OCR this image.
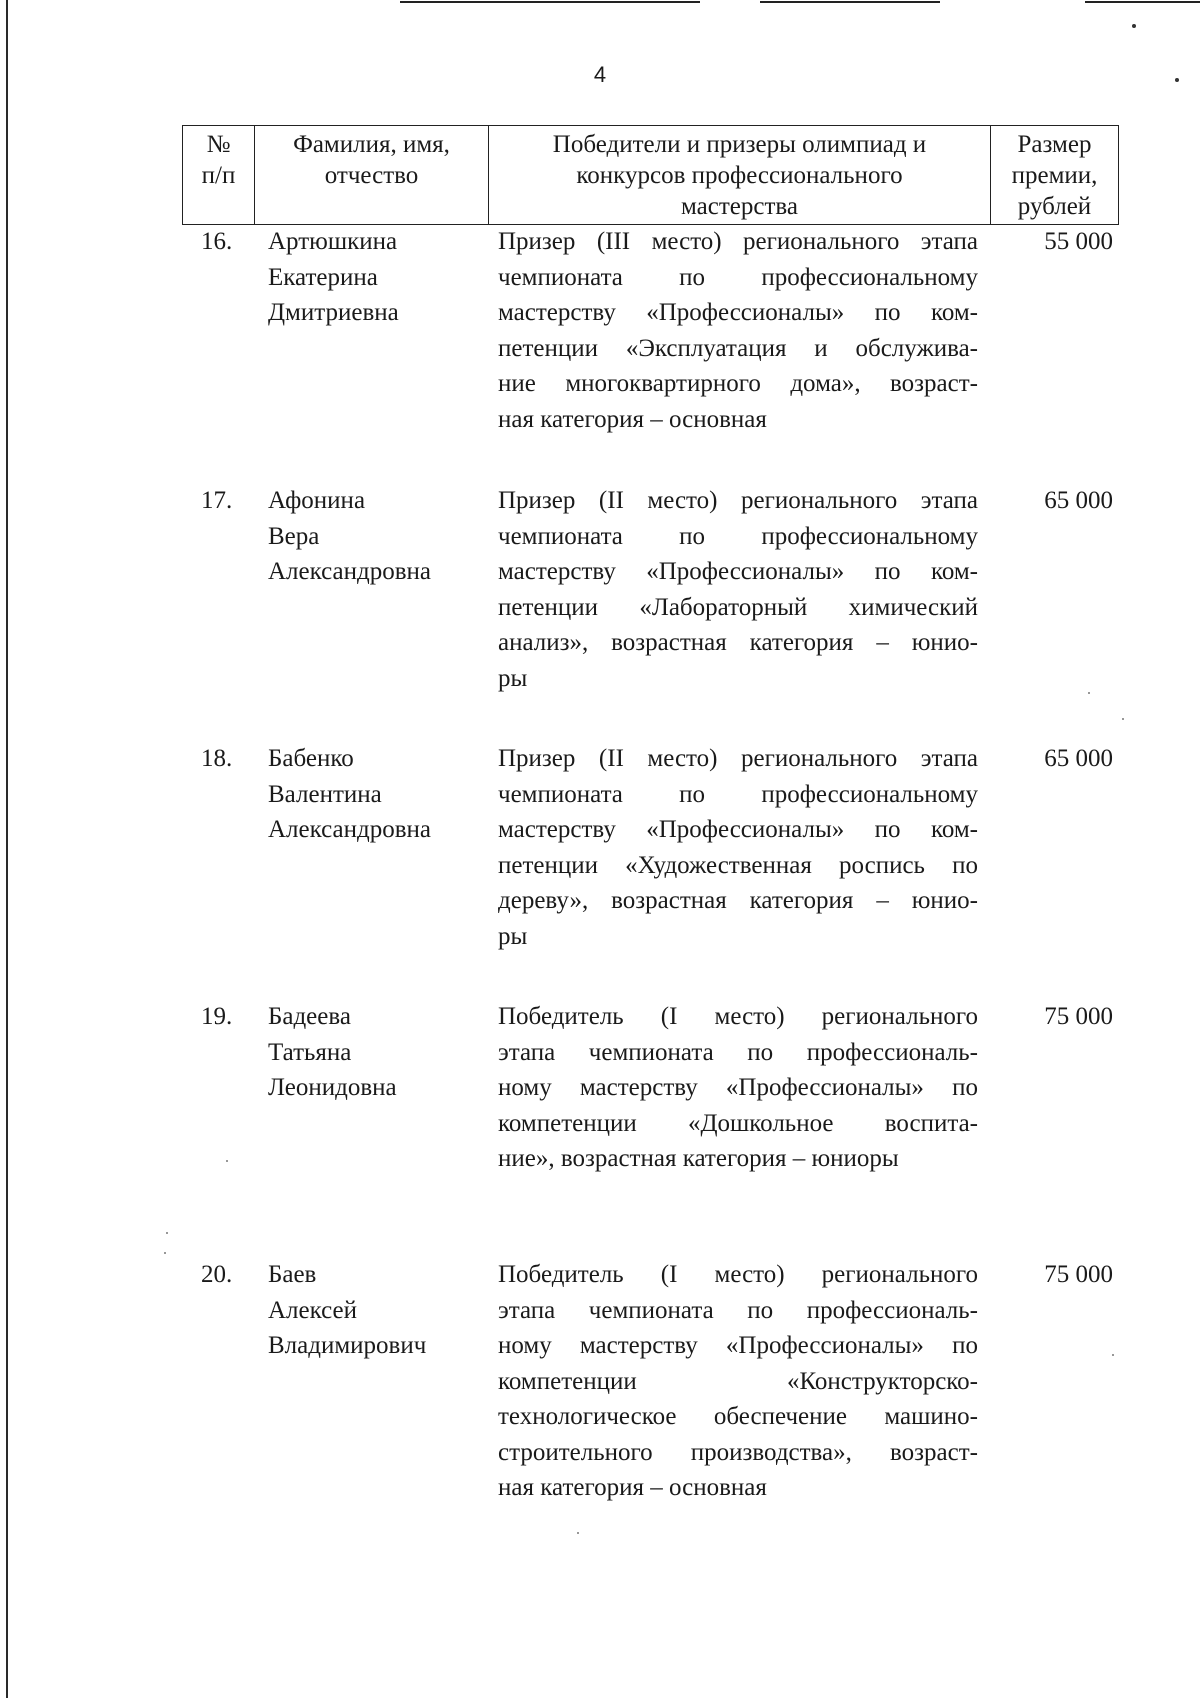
4
№
п/п
Фамилия, имя,
отчество
Победители и призеры олимпиад и
конкурсов профессионального
мастерства
Размер
премии,
рублей
16. Артюшкина
Екатерина
Дмитриевна
Призер (III место) регионального этапа
чемпионата по профессиональному
мастерству «Профессионалы» по ком-
петенции «Эксплуатация и обслужива-
ние многоквартирного дома», возраст-
ная категория – основная
55 000
17. Афонина
Вера
Александровна
Призер (II место) регионального этапа
чемпионата по профессиональному
мастерству «Профессионалы» по ком-
петенции «Лабораторный химический
анализ», возрастная категория – юнио-
ры
65 000
18. Бабенко
Валентина
Александровна
Призер (II место) регионального этапа
чемпионата по профессиональному
мастерству «Профессионалы» по ком-
петенции «Художественная роспись по
дереву», возрастная категория – юнио-
ры
65 000
19. Бадеева
Татьяна
Леонидовна
Победитель (I место) регионального
этапа чемпионата по профессиональ-
ному мастерству «Профессионалы» по
компетенции «Дошкольное воспита-
ние», возрастная категория – юниоры
75 000
20. Баев
Алексей
Владимирович
Победитель (I место) регионального
этапа чемпионата по профессиональ-
ному мастерству «Профессионалы» по
компетенции «Конструкторско-
технологическое обеспечение машино-
строительного производства», возраст-
ная категория – основная
75 000
